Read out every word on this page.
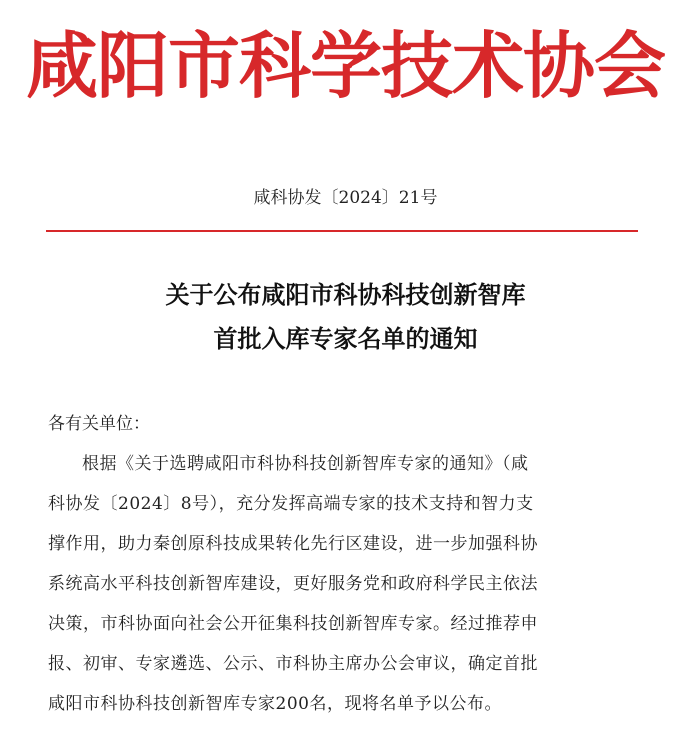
咸阳市科学技术协会
咸科协发〔2024〕21号
关于公布咸阳市科协科技创新智库
首批入库专家名单的通知
各有关单位：
根据《关于选聘咸阳市科协科技创新智库专家的通知》（咸
科协发〔2024〕8号），充分发挥高端专家的技术支持和智力支
撑作用，助力秦创原科技成果转化先行区建设，进一步加强科协
系统高水平科技创新智库建设，更好服务党和政府科学民主依法
决策，市科协面向社会公开征集科技创新智库专家。经过推荐申
报、初审、专家遴选、公示、市科协主席办公会审议，确定首批
咸阳市科协科技创新智库专家200名，现将名单予以公布。
